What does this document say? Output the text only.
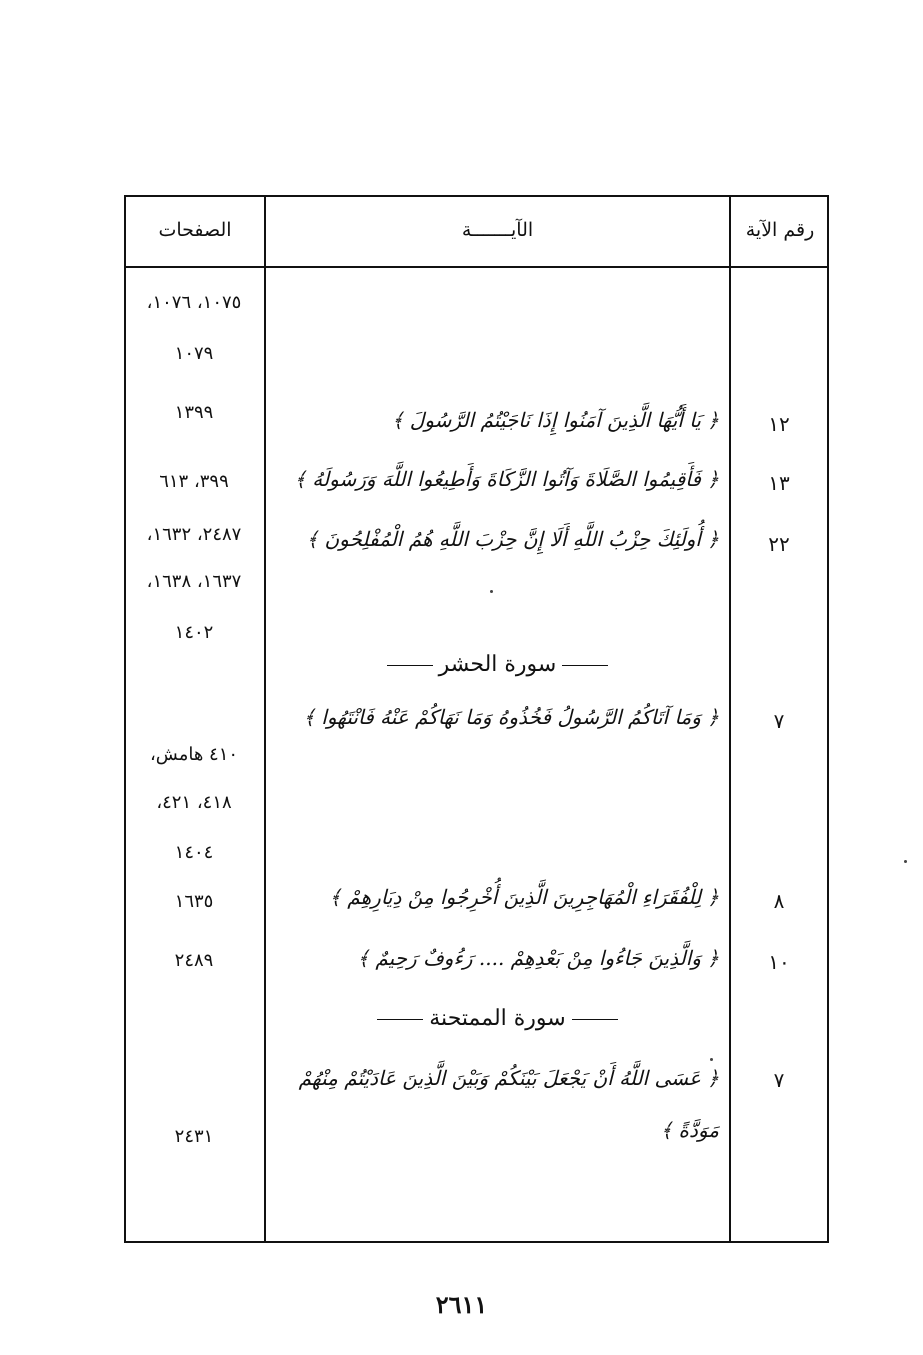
الصفحات	الآيـــــــة	رقم الآية
١٠٧٥، ١٠٧٦،
١٠٧٩
١٣٩٩
٣٩٩، ٦١٣
٢٤٨٧، ١٦٣٢،
١٦٣٧، ١٦٣٨،
١٤٠٢
٤١٠ هامش،
٤١٨، ٤٢١،
١٤٠٤
١٦٣٥
٢٤٨٩
٢٤٣١
١٢
١٣
٢٢
٧
٨
١٠
٧
﴿ يَا أَيُّهَا الَّذِينَ آمَنُوا إِذَا نَاجَيْتُمُ الرَّسُولَ ﴾
﴿ فَأَقِيمُوا الصَّلَاةَ وَآتُوا الزَّكَاةَ وَأَطِيعُوا اللَّهَ وَرَسُولَهُ ﴾
﴿ أُولَئِكَ حِزْبُ اللَّهِ أَلَا إِنَّ حِزْبَ اللَّهِ هُمُ الْمُفْلِحُونَ ﴾
سورة الحشر
﴿ وَمَا آتَاكُمُ الرَّسُولُ فَخُذُوهُ وَمَا نَهَاكُمْ عَنْهُ فَانْتَهُوا ﴾
﴿ لِلْفُقَرَاءِ الْمُهَاجِرِينَ الَّذِينَ أُخْرِجُوا مِنْ دِيَارِهِمْ ﴾
﴿ وَالَّذِينَ جَاءُوا مِنْ بَعْدِهِمْ .... رَءُوفٌ رَحِيمٌ ﴾
سورة الممتحنة
﴿ عَسَى اللَّهُ أَنْ يَجْعَلَ بَيْنَكُمْ وَبَيْنَ الَّذِينَ عَادَيْتُمْ مِنْهُمْ
مَوَدَّةً ﴾
٢٦١١
